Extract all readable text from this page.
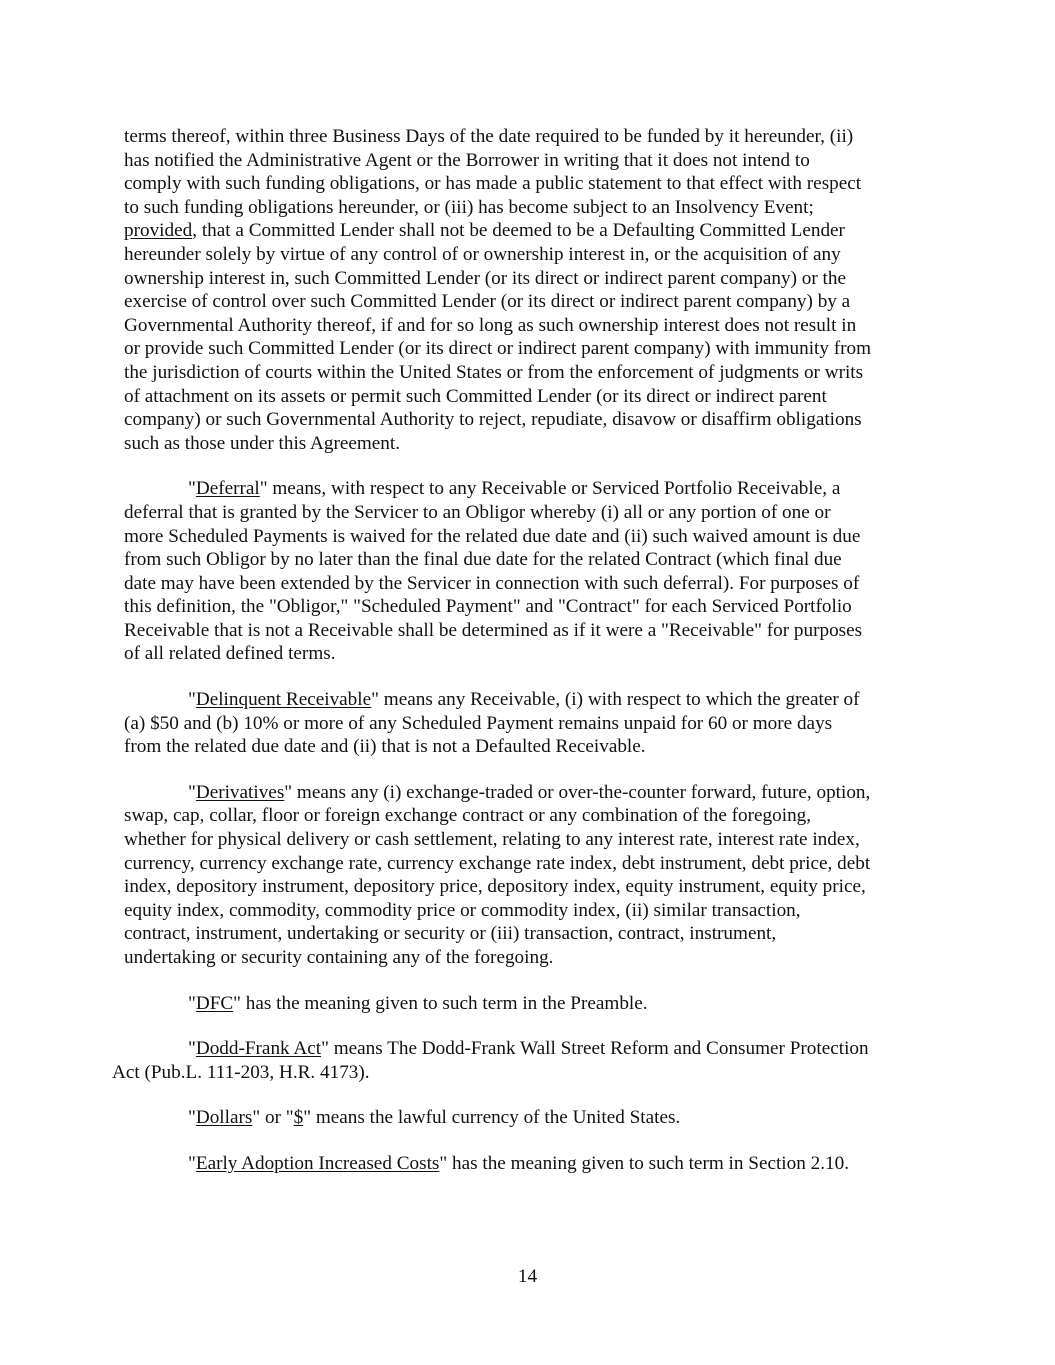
terms thereof, within three Business Days of the date required to be funded by it hereunder, (ii)
has notified the Administrative Agent or the Borrower in writing that it does not intend to
comply with such funding obligations, or has made a public statement to that effect with respect
to such funding obligations hereunder, or (iii) has become subject to an Insolvency Event;
provided, that a Committed Lender shall not be deemed to be a Defaulting Committed Lender
hereunder solely by virtue of any control of or ownership interest in, or the acquisition of any
ownership interest in, such Committed Lender (or its direct or indirect parent company) or the
exercise of control over such Committed Lender (or its direct or indirect parent company) by a
Governmental Authority thereof, if and for so long as such ownership interest does not result in
or provide such Committed Lender (or its direct or indirect parent company) with immunity from
the jurisdiction of courts within the United States or from the enforcement of judgments or writs
of attachment on its assets or permit such Committed Lender (or its direct or indirect parent
company) or such Governmental Authority to reject, repudiate, disavow or disaffirm obligations
such as those under this Agreement.

"Deferral" means, with respect to any Receivable or Serviced Portfolio Receivable, a
deferral that is granted by the Servicer to an Obligor whereby (i) all or any portion of one or
more Scheduled Payments is waived for the related due date and (ii) such waived amount is due
from such Obligor by no later than the final due date for the related Contract (which final due
date may have been extended by the Servicer in connection with such deferral). For purposes of
this definition, the "Obligor," "Scheduled Payment" and "Contract" for each Serviced Portfolio
Receivable that is not a Receivable shall be determined as if it were a "Receivable" for purposes
of all related defined terms.

"Delinquent Receivable" means any Receivable, (i) with respect to which the greater of
(a) $50 and (b) 10% or more of any Scheduled Payment remains unpaid for 60 or more days
from the related due date and (ii) that is not a Defaulted Receivable.

"Derivatives" means any (i) exchange-traded or over-the-counter forward, future, option,
swap, cap, collar, floor or foreign exchange contract or any combination of the foregoing,
whether for physical delivery or cash settlement, relating to any interest rate, interest rate index,
currency, currency exchange rate, currency exchange rate index, debt instrument, debt price, debt
index, depository instrument, depository price, depository index, equity instrument, equity price,
equity index, commodity, commodity price or commodity index, (ii) similar transaction,
contract, instrument, undertaking or security or (iii) transaction, contract, instrument,
undertaking or security containing any of the foregoing.

"DFC" has the meaning given to such term in the Preamble.

"Dodd-Frank Act" means The Dodd-Frank Wall Street Reform and Consumer Protection
Act (Pub.L. 111-203, H.R. 4173).

"Dollars" or "$" means the lawful currency of the United States.

"Early Adoption Increased Costs" has the meaning given to such term in Section 2.10.

14
